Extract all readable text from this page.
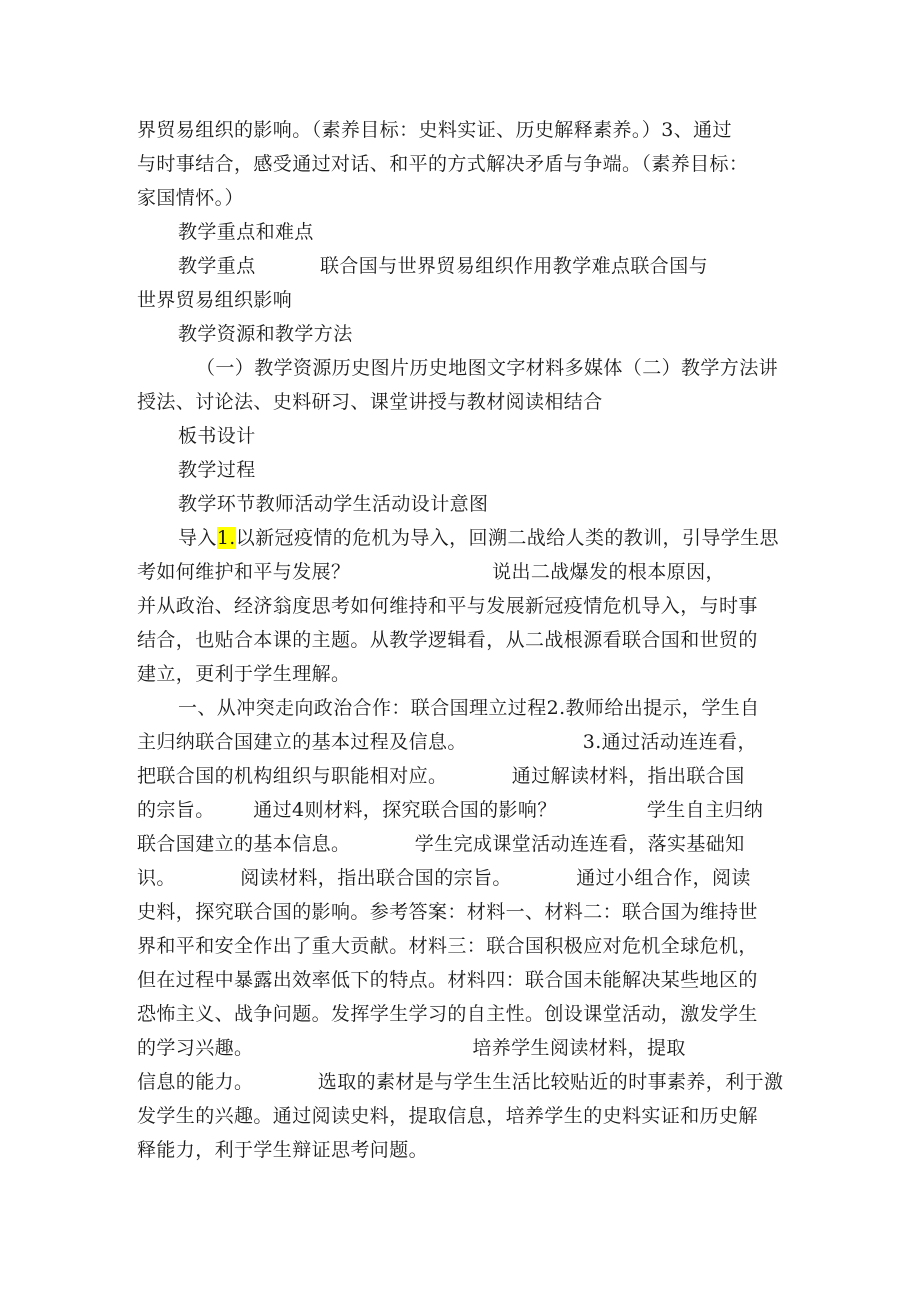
界贸易组织的影响。（素养目标：史料实证、历史解释素养。）3、通过
与时事结合，感受通过对话、和平的方式解决矛盾与争端。（素养目标：
家国情怀。）
教学重点和难点
教学重点          联合国与世界贸易组织作用教学难点联合国与
世界贸易组织影响
教学资源和教学方法
（一）教学资源历史图片历史地图文字材料多媒体（二）教学方法讲
授法、讨论法、史料研习、课堂讲授与教材阅读相结合
板书设计
教学过程
教学环节教师活动学生活动设计意图
导入1.以新冠疫情的危机为导入，回溯二战给人类的教训，引导学生思
考如何维护和平与发展？                      说出二战爆发的根本原因，
并从政治、经济翁度思考如何维持和平与发展新冠疫情危机导入，与时事
结合，也贴合本课的主题。从教学逻辑看，从二战根源看联合国和世贸的
建立，更利于学生理解。
一、从冲突走向政治合作：联合国理立过程2.教师给出提示，学生自
主归纳联合国建立的基本过程及信息。                  3.通过活动连连看，
把联合国的机构组织与职能相对应。          通过解读材料，指出联合国
的宗旨。      通过4则材料，探究联合国的影响？              学生自主归纳
联合国建立的基本信息。          学生完成课堂活动连连看，落实基础知
识。          阅读材料，指出联合国的宗旨。          通过小组合作，阅读
史料，探究联合国的影响。参考答案：材料一、材料二：联合国为维持世
界和平和安全作出了重大贡献。材料三：联合国积极应对危机全球危机，
但在过程中暴露出效率低下的特点。材料四：联合国未能解决某些地区的
恐怖主义、战争问题。发挥学生学习的自主性。创设课堂活动，激发学生
的学习兴趣。                                  培养学生阅读材料，提取
信息的能力。          选取的素材是与学生生活比较贴近的时事素养，利于激
发学生的兴趣。通过阅读史料，提取信息，培养学生的史料实证和历史解
释能力，利于学生辩证思考问题。
